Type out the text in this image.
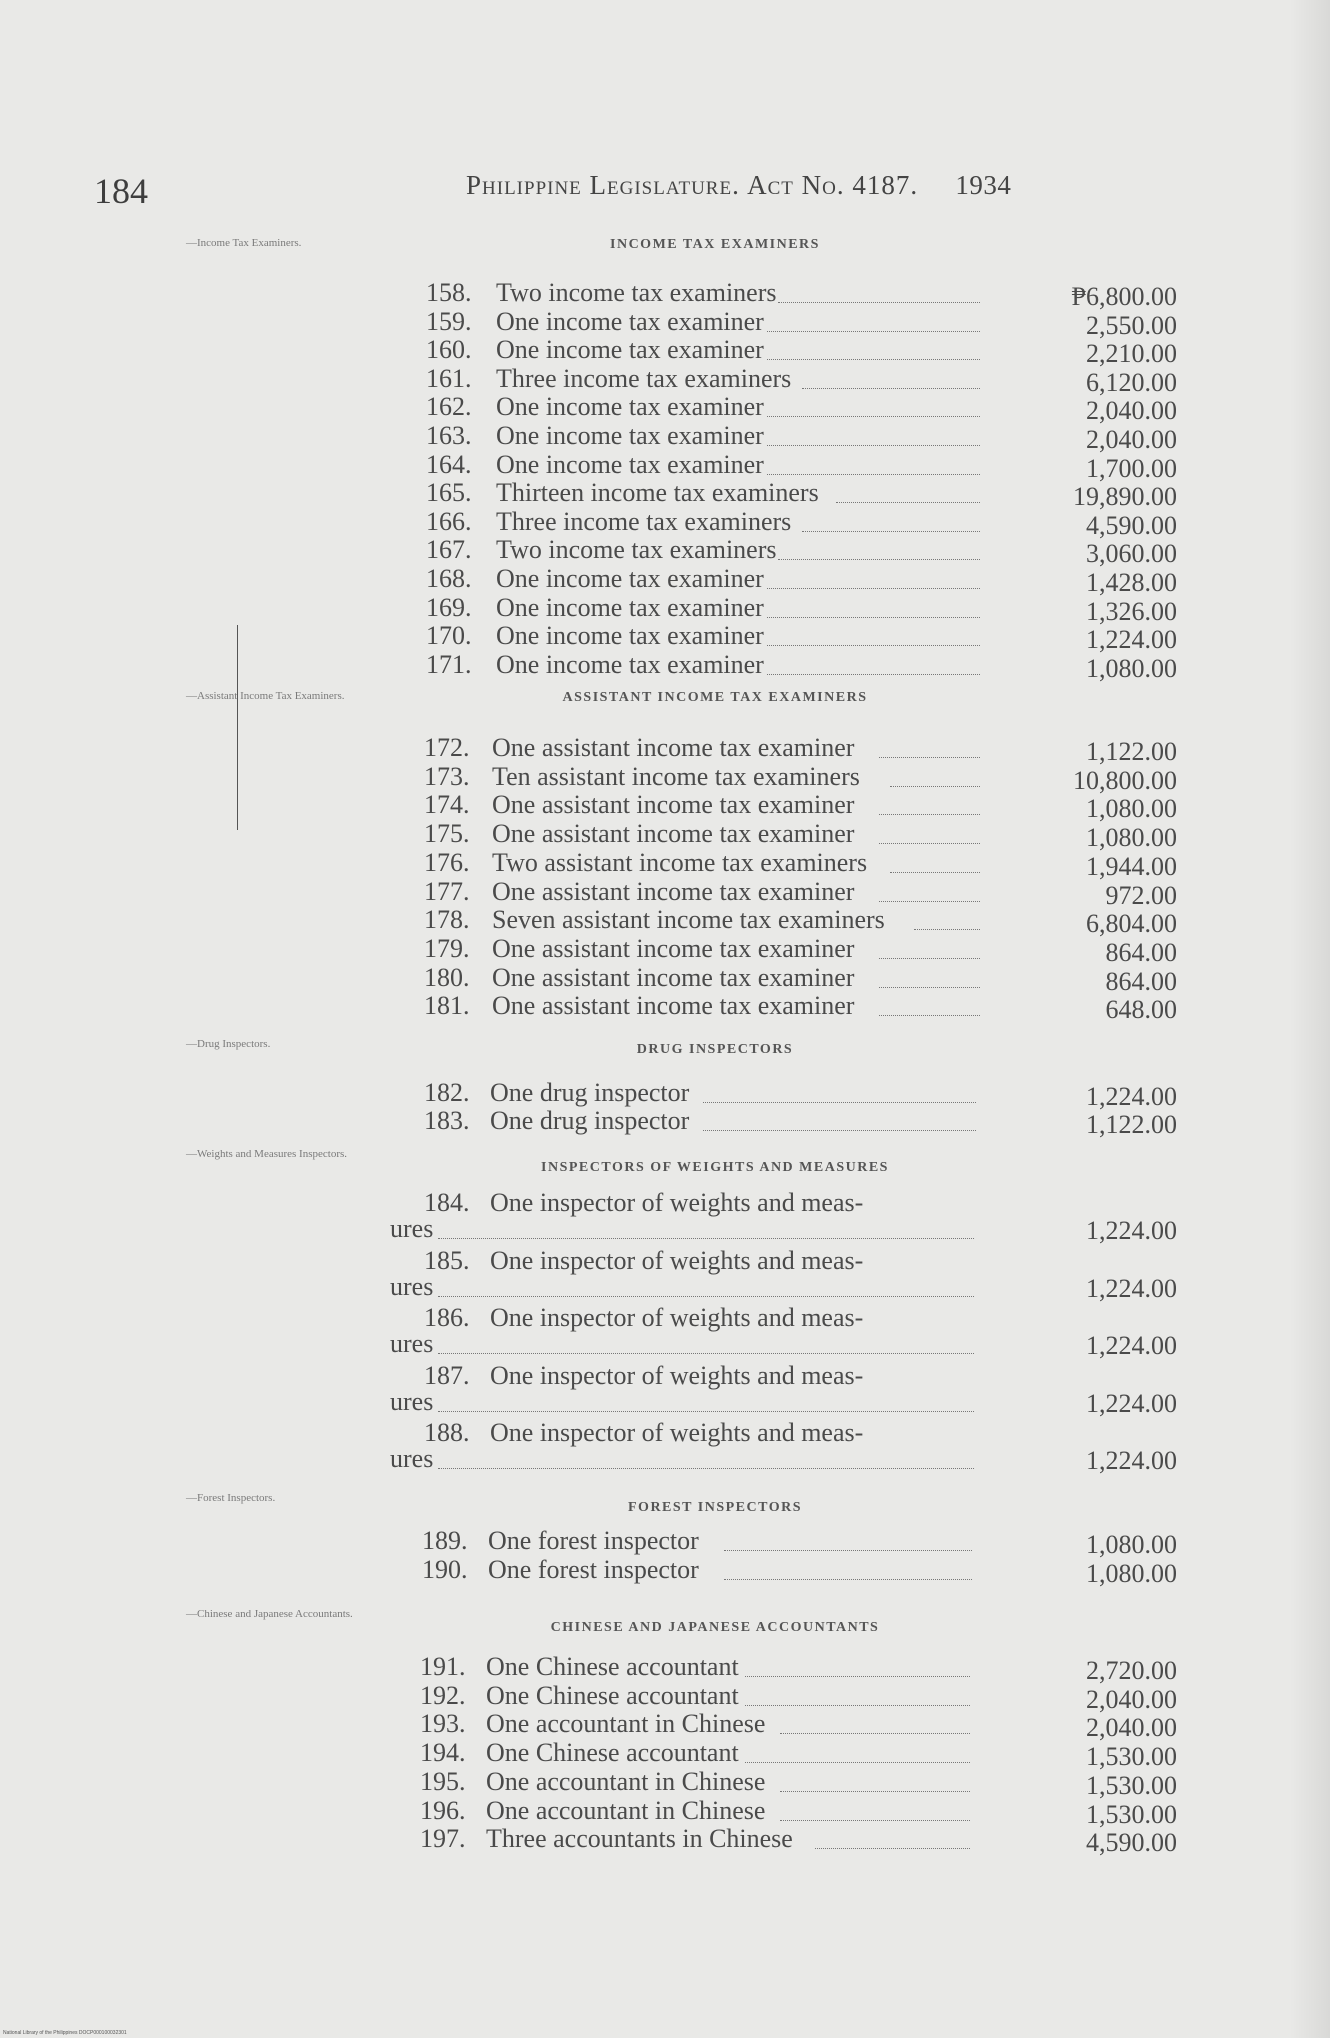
184	Philippine Legislature. Act No. 4187. 1934
—Income Tax Examiners.	INCOME TAX EXAMINERS
158. Two income tax examiners	₱6,800.00
159. One income tax examiner	2,550.00
160. One income tax examiner	2,210.00
161. Three income tax examiners	6,120.00
162. One income tax examiner	2,040.00
163. One income tax examiner	2,040.00
164. One income tax examiner	1,700.00
165. Thirteen income tax examiners	19,890.00
166. Three income tax examiners	4,590.00
167. Two income tax examiners	3,060.00
168. One income tax examiner	1,428.00
169. One income tax examiner	1,326.00
170. One income tax examiner	1,224.00
171. One income tax examiner	1,080.00
—Assistant Income Tax Examiners.	ASSISTANT INCOME TAX EXAMINERS
172. One assistant income tax examiner	1,122.00
173. Ten assistant income tax examiners	10,800.00
174. One assistant income tax examiner	1,080.00
175. One assistant income tax examiner	1,080.00
176. Two assistant income tax examiners	1,944.00
177. One assistant income tax examiner	972.00
178. Seven assistant income tax examiners	6,804.00
179. One assistant income tax examiner	864.00
180. One assistant income tax examiner	864.00
181. One assistant income tax examiner	648.00
—Drug Inspectors.	DRUG INSPECTORS
182. One drug inspector	1,224.00
183. One drug inspector	1,122.00
—Weights and Measures Inspectors.
INSPECTORS OF WEIGHTS AND MEASURES
184. One inspector of weights and meas-
ures	1,224.00
185. One inspector of weights and meas-
ures	1,224.00
186. One inspector of weights and meas-
ures	1,224.00
187. One inspector of weights and meas-
ures	1,224.00
188. One inspector of weights and meas-
ures	1,224.00
—Forest Inspectors.
FOREST INSPECTORS
189. One forest inspector	1,080.00
190. One forest inspector	1,080.00
—Chinese and Japanese Accountants.
CHINESE AND JAPANESE ACCOUNTANTS
191. One Chinese accountant	2,720.00
192. One Chinese accountant	2,040.00
193. One accountant in Chinese	2,040.00
194. One Chinese accountant	1,530.00
195. One accountant in Chinese	1,530.00
196. One accountant in Chinese	1,530.00
197. Three accountants in Chinese	4,590.00
National Library of the Philippines DOCP000100032301
